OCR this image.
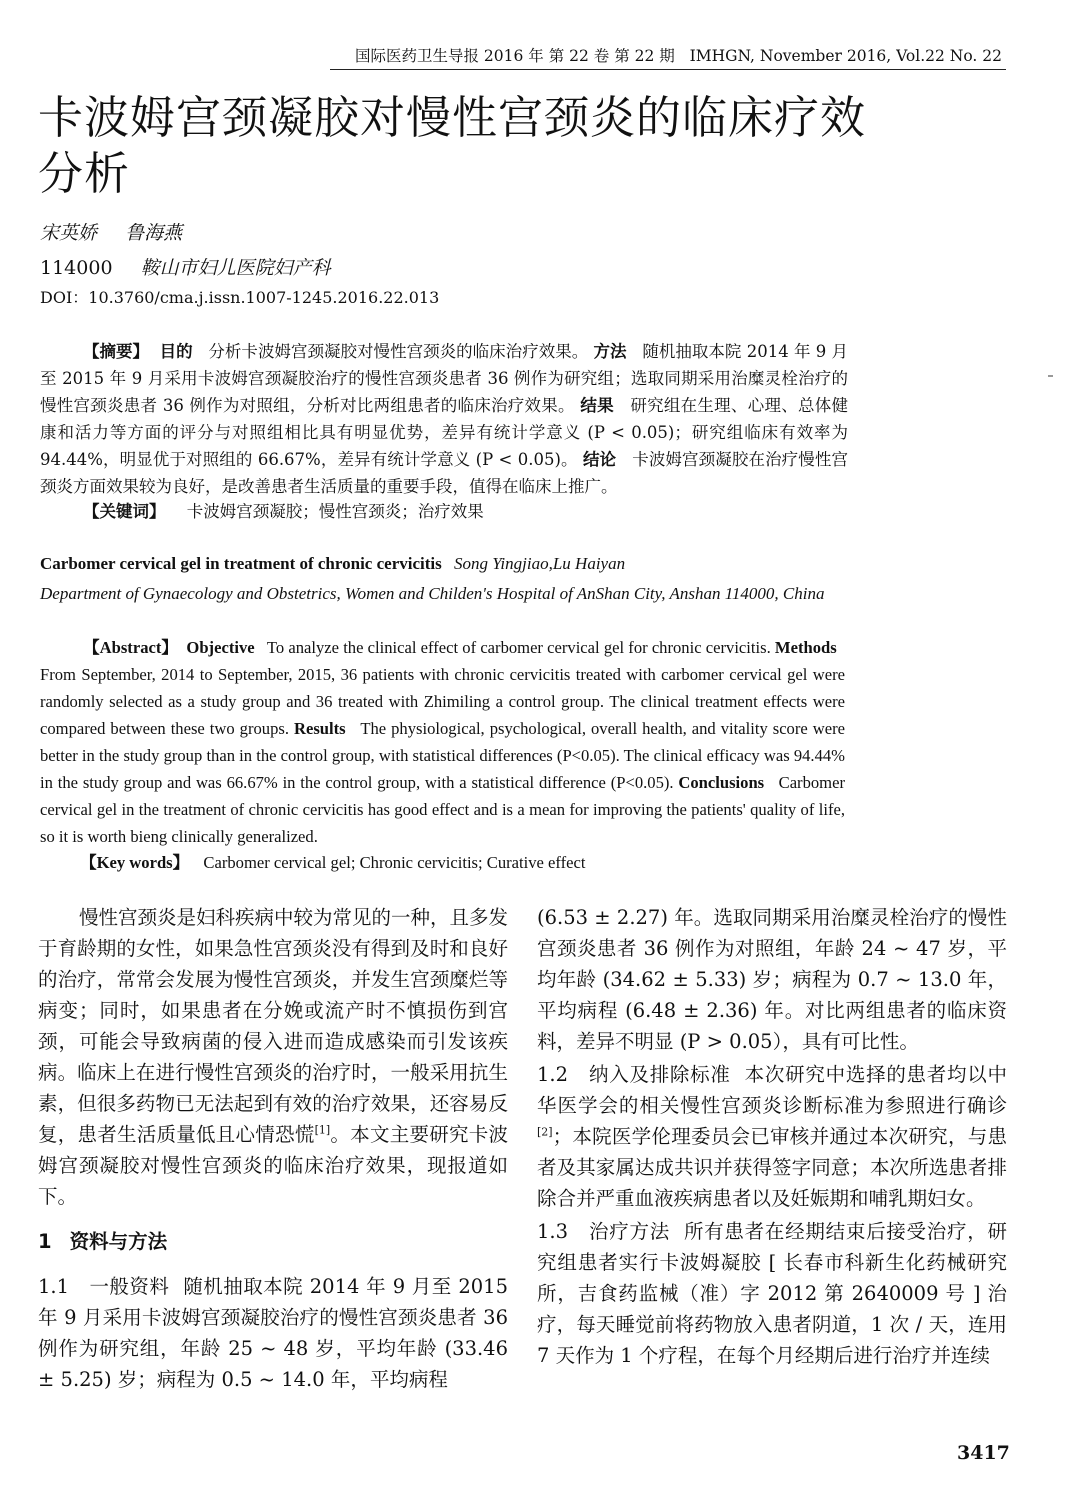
国际医药卫生导报 2016 年 第 22 卷 第 22 期 IMHGN, November 2016, Vol.22 No. 22
卡波姆宫颈凝胶对慢性宫颈炎的临床疗效
分析
宋英娇 鲁海燕
114000 鞍山市妇儿医院妇产科
DOI：10.3760/cma.j.issn.1007-1245.2016.22.013
【摘要】 目的 分析卡波姆宫颈凝胶对慢性宫颈炎的临床治疗效果。 方法 随机抽取本院 2014 年 9 月至 2015 年 9 月采用卡波姆宫颈凝胶治疗的慢性宫颈炎患者 36 例作为研究组；选取同期采用治糜灵栓治疗的慢性宫颈炎患者 36 例作为对照组，分析对比两组患者的临床治疗效果。 结果 研究组在生理、心理、总体健康和活力等方面的评分与对照组相比具有明显优势，差异有统计学意义 (P < 0.05)；研究组临床有效率为 94.44%，明显优于对照组的 66.67%，差异有统计学意义 (P < 0.05)。 结论 卡波姆宫颈凝胶在治疗慢性宫颈炎方面效果较为良好，是改善患者生活质量的重要手段，值得在临床上推广。
【关键词】 卡波姆宫颈凝胶；慢性宫颈炎；治疗效果
Carbomer cervical gel in treatment of chronic cervicitis Song Yingjiao,Lu Haiyan
Department of Gynaecology and Obstetrics, Women and Childen's Hospital of AnShan City, Anshan 114000, China
【Abstract】 Objective To analyze the clinical effect of carbomer cervical gel for chronic cervicitis. Methods   From September, 2014 to September, 2015, 36 patients with chronic cervicitis treated with carbomer cervical gel were randomly selected as a study group and 36 treated with Zhimiling a control group. The clinical treatment effects were compared between these two groups. Results The physiological, psychological, overall health, and vitality score were better in the study group than in the control group, with statistical differences (P<0.05). The clinical efficacy was 94.44% in the study group and was 66.67% in the control group, with a statistical difference (P<0.05). Conclusions Carbomer cervical gel in the treatment of chronic cervicitis has good effect and is a mean for improving the patients' quality of life, so it is worth bieng clinically generalized.
【Key words】 Carbomer cervical gel; Chronic cervicitis; Curative effect

慢性宫颈炎是妇科疾病中较为常见的一种，且多发于育龄期的女性，如果急性宫颈炎没有得到及时和良好的治疗，常常会发展为慢性宫颈炎，并发生宫颈糜烂等病变；同时，如果患者在分娩或流产时不慎损伤到宫颈，可能会导致病菌的侵入进而造成感染而引发该疾病。临床上在进行慢性宫颈炎的治疗时，一般采用抗生素，但很多药物已无法起到有效的治疗效果，还容易反复，患者生活质量低且心情恐慌[1]。本文主要研究卡波姆宫颈凝胶对慢性宫颈炎的临床治疗效果，现报道如下。

1 资料与方法

1.1　一般资料 随机抽取本院 2014 年 9 月至 2015 年 9 月采用卡波姆宫颈凝胶治疗的慢性宫颈炎患者 36 例作为研究组，年龄 25 ~ 48 岁，平均年龄 (33.46 ± 5.25) 岁；病程为 0.5 ~ 14.0 年，平均病程

(6.53 ± 2.27) 年。选取同期采用治糜灵栓治疗的慢性宫颈炎患者 36 例作为对照组，年龄 24 ~ 47 岁，平均年龄 (34.62 ± 5.33) 岁；病程为 0.7 ~ 13.0 年，平均病程 (6.48 ± 2.36) 年。对比两组患者的临床资料，差异不明显 (P > 0.05），具有可比性。

1.2　纳入及排除标准 本次研究中选择的患者均以中华医学会的相关慢性宫颈炎诊断标准为参照进行确诊[2]；本院医学伦理委员会已审核并通过本次研究，与患者及其家属达成共识并获得签字同意；本次所选患者排除合并严重血液疾病患者以及妊娠期和哺乳期妇女。

1.3　治疗方法 所有患者在经期结束后接受治疗，研究组患者实行卡波姆凝胶 [ 长春市科新生化药械研究所，吉食药监械（准）字 2012 第 2640009 号 ] 治疗，每天睡觉前将药物放入患者阴道，1 次 / 天，连用 7 天作为 1 个疗程，在每个月经期后进行治疗并连续

3417
